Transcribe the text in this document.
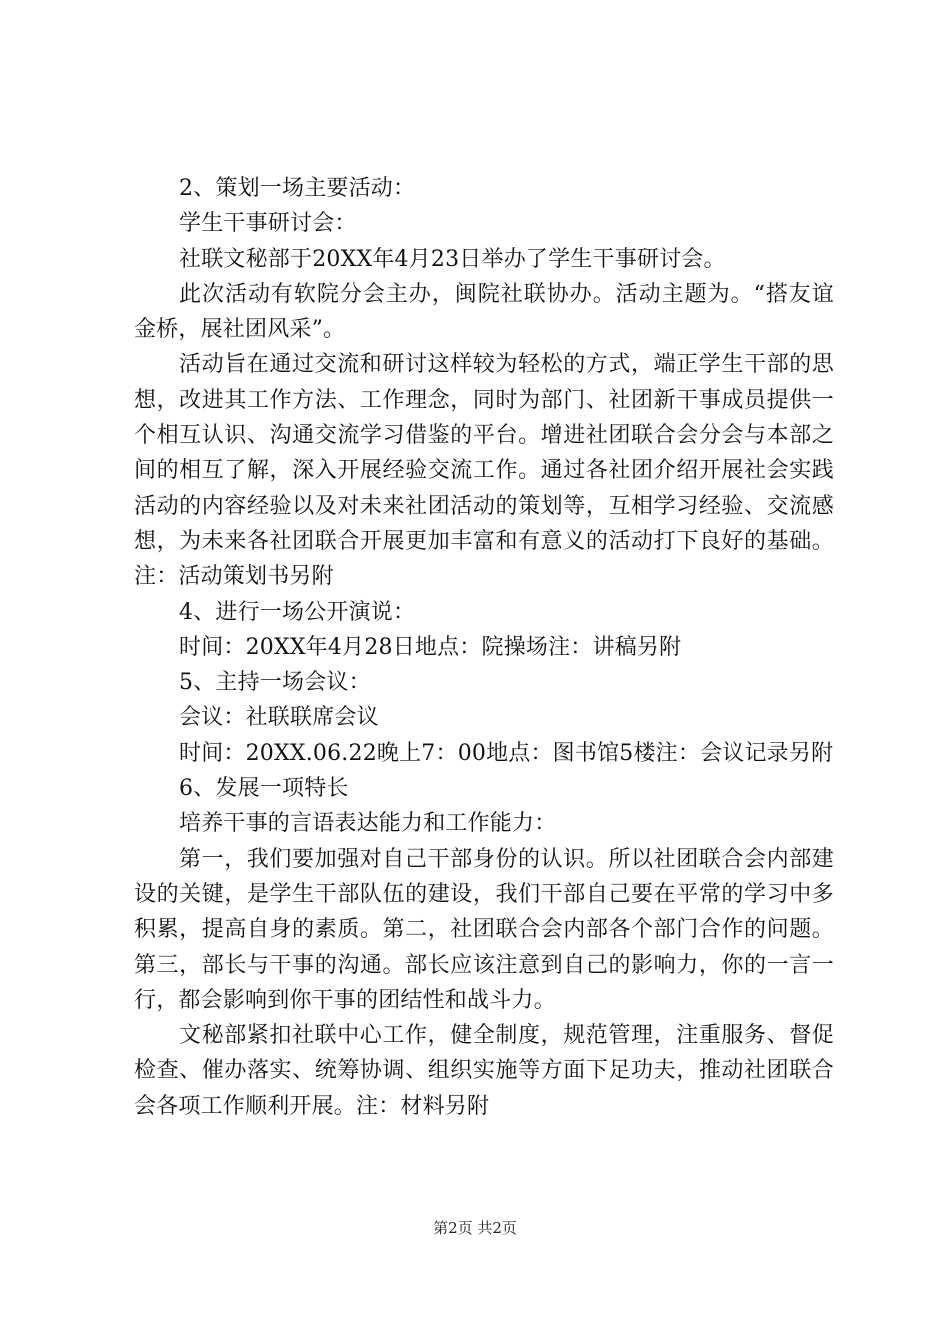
2、策划一场主要活动：

学生干事研讨会：

社联文秘部于20XX年4月23日举办了学生干事研讨会。

此次活动有软院分会主办，闽院社联协办。活动主题为。“搭友谊金桥，展社团风采”。

活动旨在通过交流和研讨这样较为轻松的方式，端正学生干部的思想，改进其工作方法、工作理念，同时为部门、社团新干事成员提供一个相互认识、沟通交流学习借鉴的平台。增进社团联合会分会与本部之间的相互了解，深入开展经验交流工作。通过各社团介绍开展社会实践活动的内容经验以及对未来社团活动的策划等，互相学习经验、交流感想，为未来各社团联合开展更加丰富和有意义的活动打下良好的基础。注：活动策划书另附

4、进行一场公开演说：

时间：20XX年4月28日地点：院操场注：讲稿另附

5、主持一场会议：

会议：社联联席会议

时间：20XX.06.22晚上7：00地点：图书馆5楼注：会议记录另附

6、发展一项特长

培养干事的言语表达能力和工作能力：

第一，我们要加强对自己干部身份的认识。所以社团联合会内部建设的关键，是学生干部队伍的建设，我们干部自己要在平常的学习中多积累，提高自身的素质。第二，社团联合会内部各个部门合作的问题。第三，部长与干事的沟通。部长应该注意到自己的影响力，你的一言一行，都会影响到你干事的团结性和战斗力。

文秘部紧扣社联中心工作，健全制度，规范管理，注重服务、督促检查、催办落实、统筹协调、组织实施等方面下足功夫，推动社团联合会各项工作顺利开展。注：材料另附

第2页 共2页
